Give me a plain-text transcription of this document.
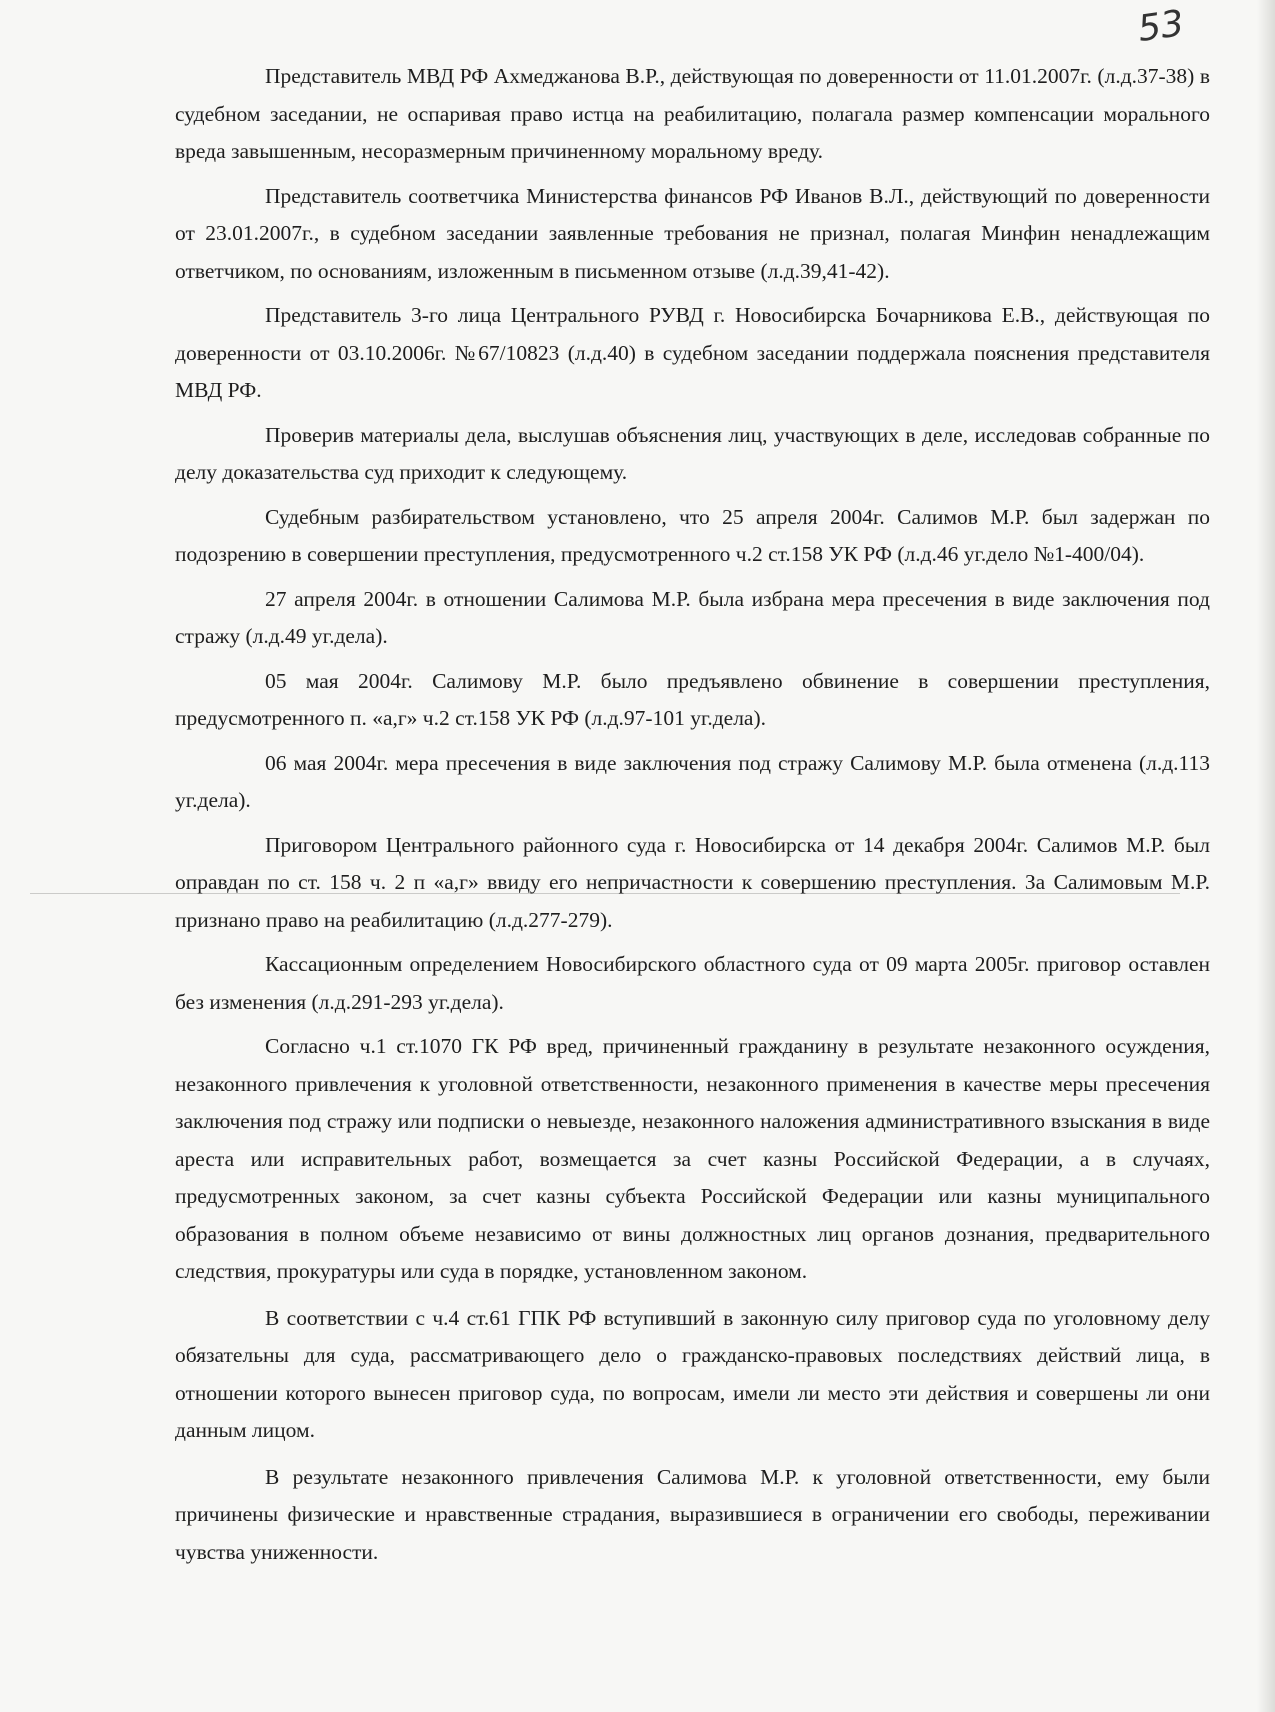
53

Представитель МВД РФ Ахмеджанова В.Р., действующая по доверенности от 11.01.2007г. (л.д.37-38) в судебном заседании, не оспаривая право истца на реабилитацию, полагала размер компенсации морального вреда завышенным, несоразмерным причиненному моральному вреду.

Представитель соответчика Министерства финансов РФ Иванов В.Л., действующий по доверенности от 23.01.2007г., в судебном заседании заявленные требования не признал, полагая Минфин ненадлежащим ответчиком, по основаниям, изложенным в письменном отзыве (л.д.39,41-42).

Представитель 3-го лица Центрального РУВД г. Новосибирска Бочарникова Е.В., действующая по доверенности от 03.10.2006г. №67/10823 (л.д.40) в судебном заседании поддержала пояснения представителя МВД РФ.

Проверив материалы дела, выслушав объяснения лиц, участвующих в деле, исследовав собранные по делу доказательства суд приходит к следующему.

Судебным разбирательством установлено, что 25 апреля 2004г. Салимов М.Р. был задержан по подозрению в совершении преступления, предусмотренного ч.2 ст.158 УК РФ (л.д.46 уг.дело №1-400/04).

27 апреля 2004г. в отношении Салимова М.Р. была избрана мера пресечения в виде заключения под стражу (л.д.49 уг.дела).

05 мая 2004г. Салимову М.Р. было предъявлено обвинение в совершении преступления, предусмотренного п. «а,г» ч.2 ст.158 УК РФ (л.д.97-101 уг.дела).

06 мая 2004г. мера пресечения в виде заключения под стражу Салимову М.Р. была отменена (л.д.113 уг.дела).

Приговором Центрального районного суда г. Новосибирска от 14 декабря 2004г. Салимов М.Р. был оправдан по ст. 158 ч. 2 п «а,г» ввиду его непричастности к совершению преступления. За Салимовым М.Р. признано право на реабилитацию (л.д.277-279).

Кассационным определением Новосибирского областного суда от 09 марта 2005г. приговор оставлен без изменения (л.д.291-293 уг.дела).

Согласно ч.1 ст.1070 ГК РФ вред, причиненный гражданину в результате незаконного осуждения, незаконного привлечения к уголовной ответственности, незаконного применения в качестве меры пресечения заключения под стражу или подписки о невыезде, незаконного наложения административного взыскания в виде ареста или исправительных работ, возмещается за счет казны Российской Федерации, а в случаях, предусмотренных законом, за счет казны субъекта Российской Федерации или казны муниципального образования в полном объеме независимо от вины должностных лиц органов дознания, предварительного следствия, прокуратуры или суда в порядке, установленном законом.

В соответствии с ч.4 ст.61 ГПК РФ вступивший в законную силу приговор суда по уголовному делу обязательны для суда, рассматривающего дело о гражданско-правовых последствиях действий лица, в отношении которого вынесен приговор суда, по вопросам, имели ли место эти действия и совершены ли они данным лицом.

В результате незаконного привлечения Салимова М.Р. к уголовной ответственности, ему были причинены физические и нравственные страдания, выразившиеся в ограничении его свободы, переживании чувства униженности.
